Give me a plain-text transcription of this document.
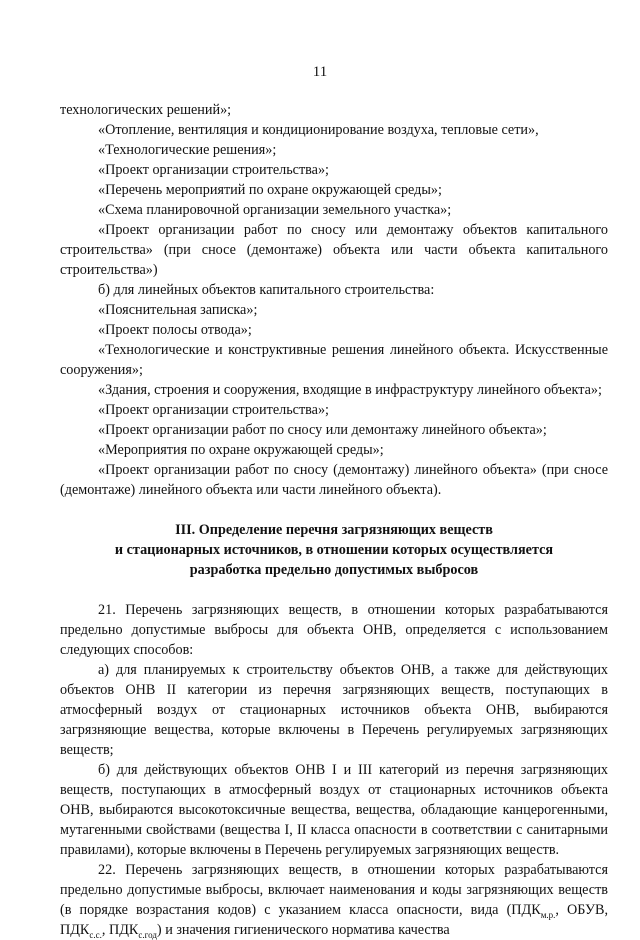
11

технологических решений»;

«Отопление, вентиляция и кондиционирование воздуха, тепловые сети»,

«Технологические решения»;

«Проект организации строительства»;

«Перечень мероприятий по охране окружающей среды»;

«Схема планировочной организации земельного участка»;

«Проект организации работ по сносу или демонтажу объектов капитального строительства» (при сносе (демонтаже) объекта или части объекта капитального строительства»)

б) для линейных объектов капитального строительства:

«Пояснительная записка»;

«Проект полосы отвода»;

«Технологические и конструктивные решения линейного объекта. Искусственные сооружения»;

«Здания, строения и сооружения, входящие в инфраструктуру линейного объекта»;

«Проект организации строительства»;

«Проект организации работ по сносу или демонтажу линейного объекта»;

«Мероприятия по охране окружающей среды»;

«Проект организации работ по сносу (демонтажу) линейного объекта» (при сносе (демонтаже) линейного объекта или части линейного объекта).

III. Определение перечня загрязняющих веществ
и стационарных источников, в отношении которых осуществляется
разработка предельно допустимых выбросов

21. Перечень загрязняющих веществ, в отношении которых разрабатываются предельно допустимые выбросы для объекта ОНВ, определяется с использованием следующих способов:

а) для планируемых к строительству объектов ОНВ, а также для действующих объектов ОНВ II категории из перечня загрязняющих веществ, поступающих в атмосферный воздух от стационарных источников объекта ОНВ, выбираются загрязняющие вещества, которые включены в Перечень регулируемых загрязняющих веществ;

б) для действующих объектов ОНВ I и III категорий из перечня загрязняющих веществ, поступающих в атмосферный воздух от стационарных источников объекта ОНВ, выбираются высокотоксичные вещества, вещества, обладающие канцерогенными, мутагенными свойствами (вещества I, II класса опасности в соответствии с санитарными правилами), которые включены в Перечень регулируемых загрязняющих веществ.

22. Перечень загрязняющих веществ, в отношении которых разрабатываются предельно допустимые выбросы, включает наименования и коды загрязняющих веществ (в порядке возрастания кодов) с указанием класса опасности, вида ($ПДК_{м.р.}$, ОБУВ, $ПДК_{с.с.}$, $ПДК_{с.год}$) и значения гигиенического норматива качества
